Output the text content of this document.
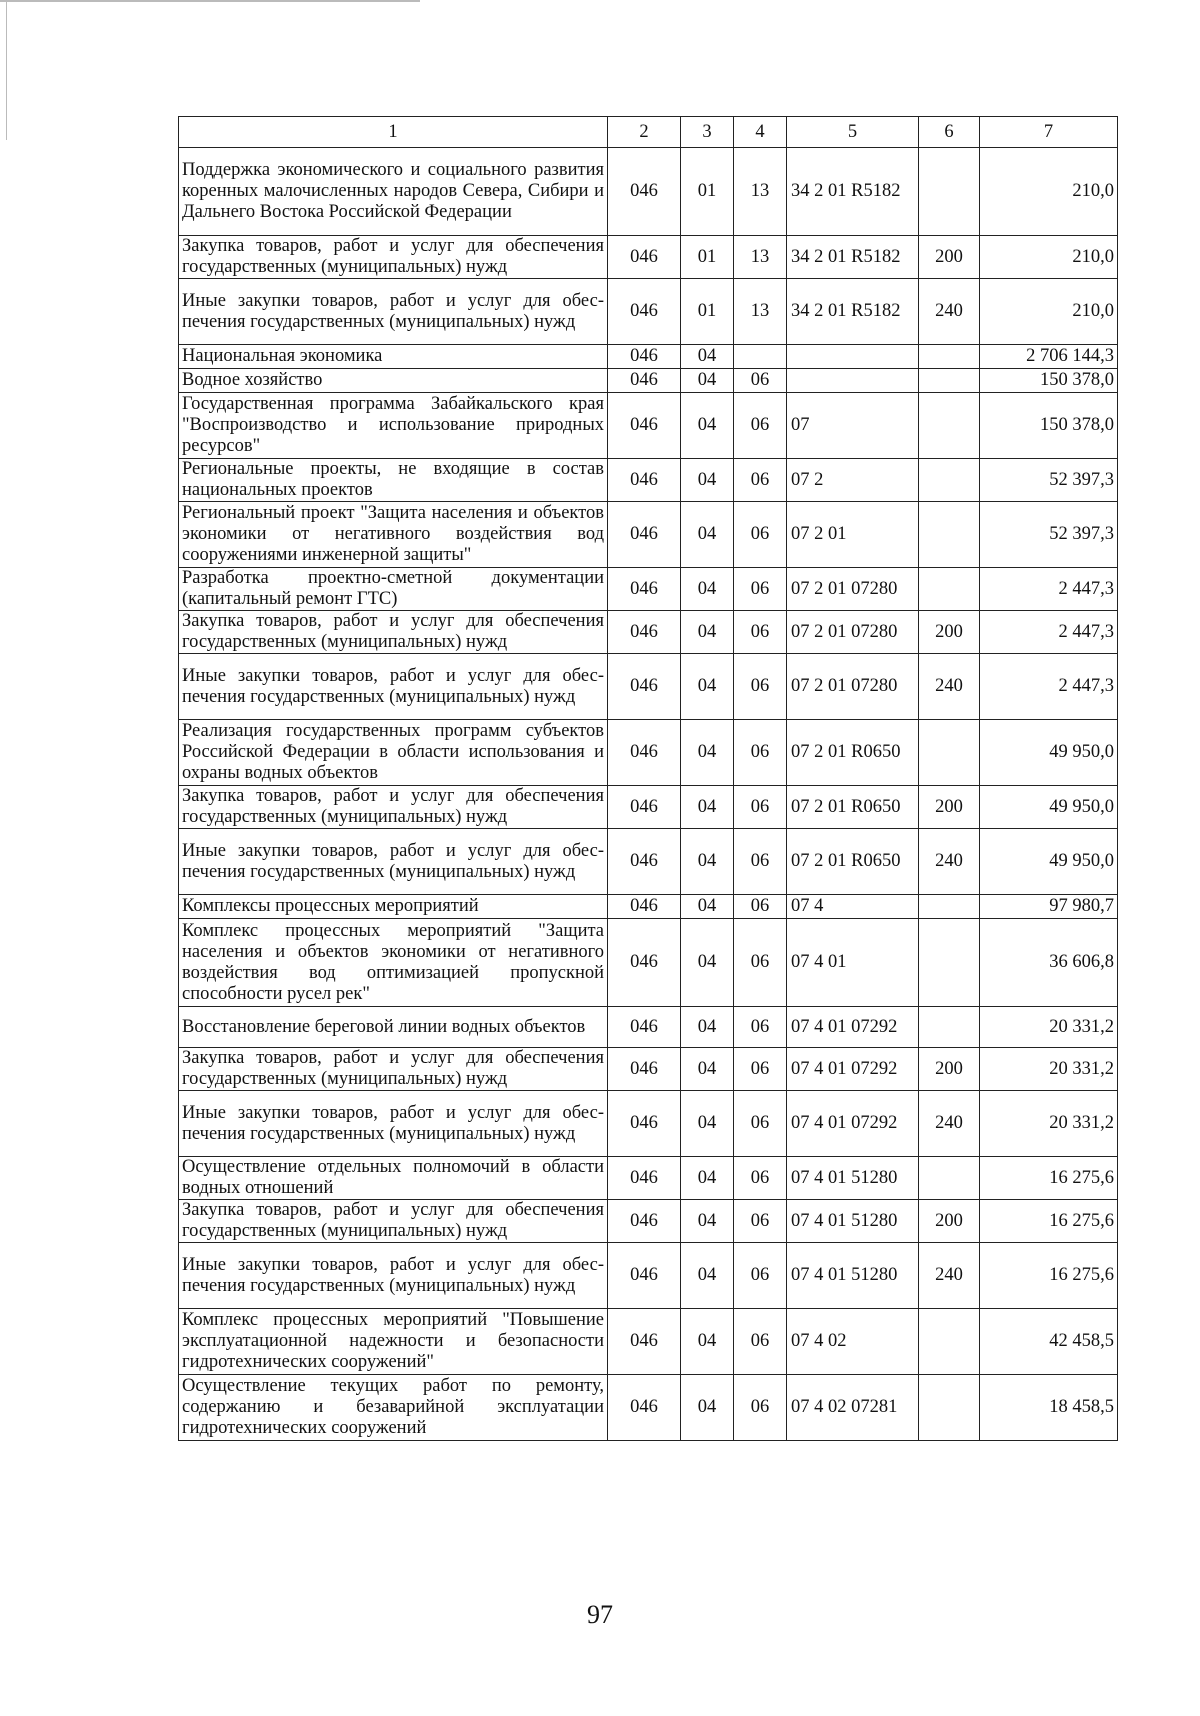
1	2	3	4	5	6	7
Поддержка экономического и социального развития коренных малочисленных народов Севера, Сибири и Дальнего Востока Российской Федерации	046	01	13	34 2 01 R5182		210,0
Закупка товаров, работ и услуг для обеспечения государственных (муниципальных) нужд	046	01	13	34 2 01 R5182	200	210,0
Иные закупки товаров, работ и услуг для обеспечения государственных (муниципальных) нужд	046	01	13	34 2 01 R5182	240	210,0
Национальная экономика	046	04				2 706 144,3
Водное хозяйство	046	04	06			150 378,0
Государственная программа Забайкальского края "Воспроизводство и использование природных ресурсов"	046	04	06	07		150 378,0
Региональные проекты, не входящие в состав национальных проектов	046	04	06	07 2		52 397,3
Региональный проект "Защита населения и объектов экономики от негативного воздействия вод сооружениями инженерной защиты"	046	04	06	07 2 01		52 397,3
Разработка проектно-сметной документации (капитальный ремонт ГТС)	046	04	06	07 2 01 07280		2 447,3
Закупка товаров, работ и услуг для обеспечения государственных (муниципальных) нужд	046	04	06	07 2 01 07280	200	2 447,3
Иные закупки товаров, работ и услуг для обеспечения государственных (муниципальных) нужд	046	04	06	07 2 01 07280	240	2 447,3
Реализация государственных программ субъектов Российской Федерации в области использования и охраны водных объектов	046	04	06	07 2 01 R0650		49 950,0
Закупка товаров, работ и услуг для обеспечения государственных (муниципальных) нужд	046	04	06	07 2 01 R0650	200	49 950,0
Иные закупки товаров, работ и услуг для обеспечения государственных (муниципальных) нужд	046	04	06	07 2 01 R0650	240	49 950,0
Комплексы процессных мероприятий	046	04	06	07 4		97 980,7
Комплекс процессных мероприятий "Защита населения и объектов экономики от негативного воздействия вод оптимизацией пропускной способности русел рек"	046	04	06	07 4 01		36 606,8
Восстановление береговой линии водных объектов	046	04	06	07 4 01 07292		20 331,2
Закупка товаров, работ и услуг для обеспечения государственных (муниципальных) нужд	046	04	06	07 4 01 07292	200	20 331,2
Иные закупки товаров, работ и услуг для обеспечения государственных (муниципальных) нужд	046	04	06	07 4 01 07292	240	20 331,2
Осуществление отдельных полномочий в области водных отношений	046	04	06	07 4 01 51280		16 275,6
Закупка товаров, работ и услуг для обеспечения государственных (муниципальных) нужд	046	04	06	07 4 01 51280	200	16 275,6
Иные закупки товаров, работ и услуг для обеспечения государственных (муниципальных) нужд	046	04	06	07 4 01 51280	240	16 275,6
Комплекс процессных мероприятий "Повышение эксплуатационной надежности и безопасности гидротехнических сооружений"	046	04	06	07 4 02		42 458,5
Осуществление текущих работ по ремонту, содержанию и безаварийной эксплуатации гидротехнических сооружений	046	04	06	07 4 02 07281		18 458,5
97
